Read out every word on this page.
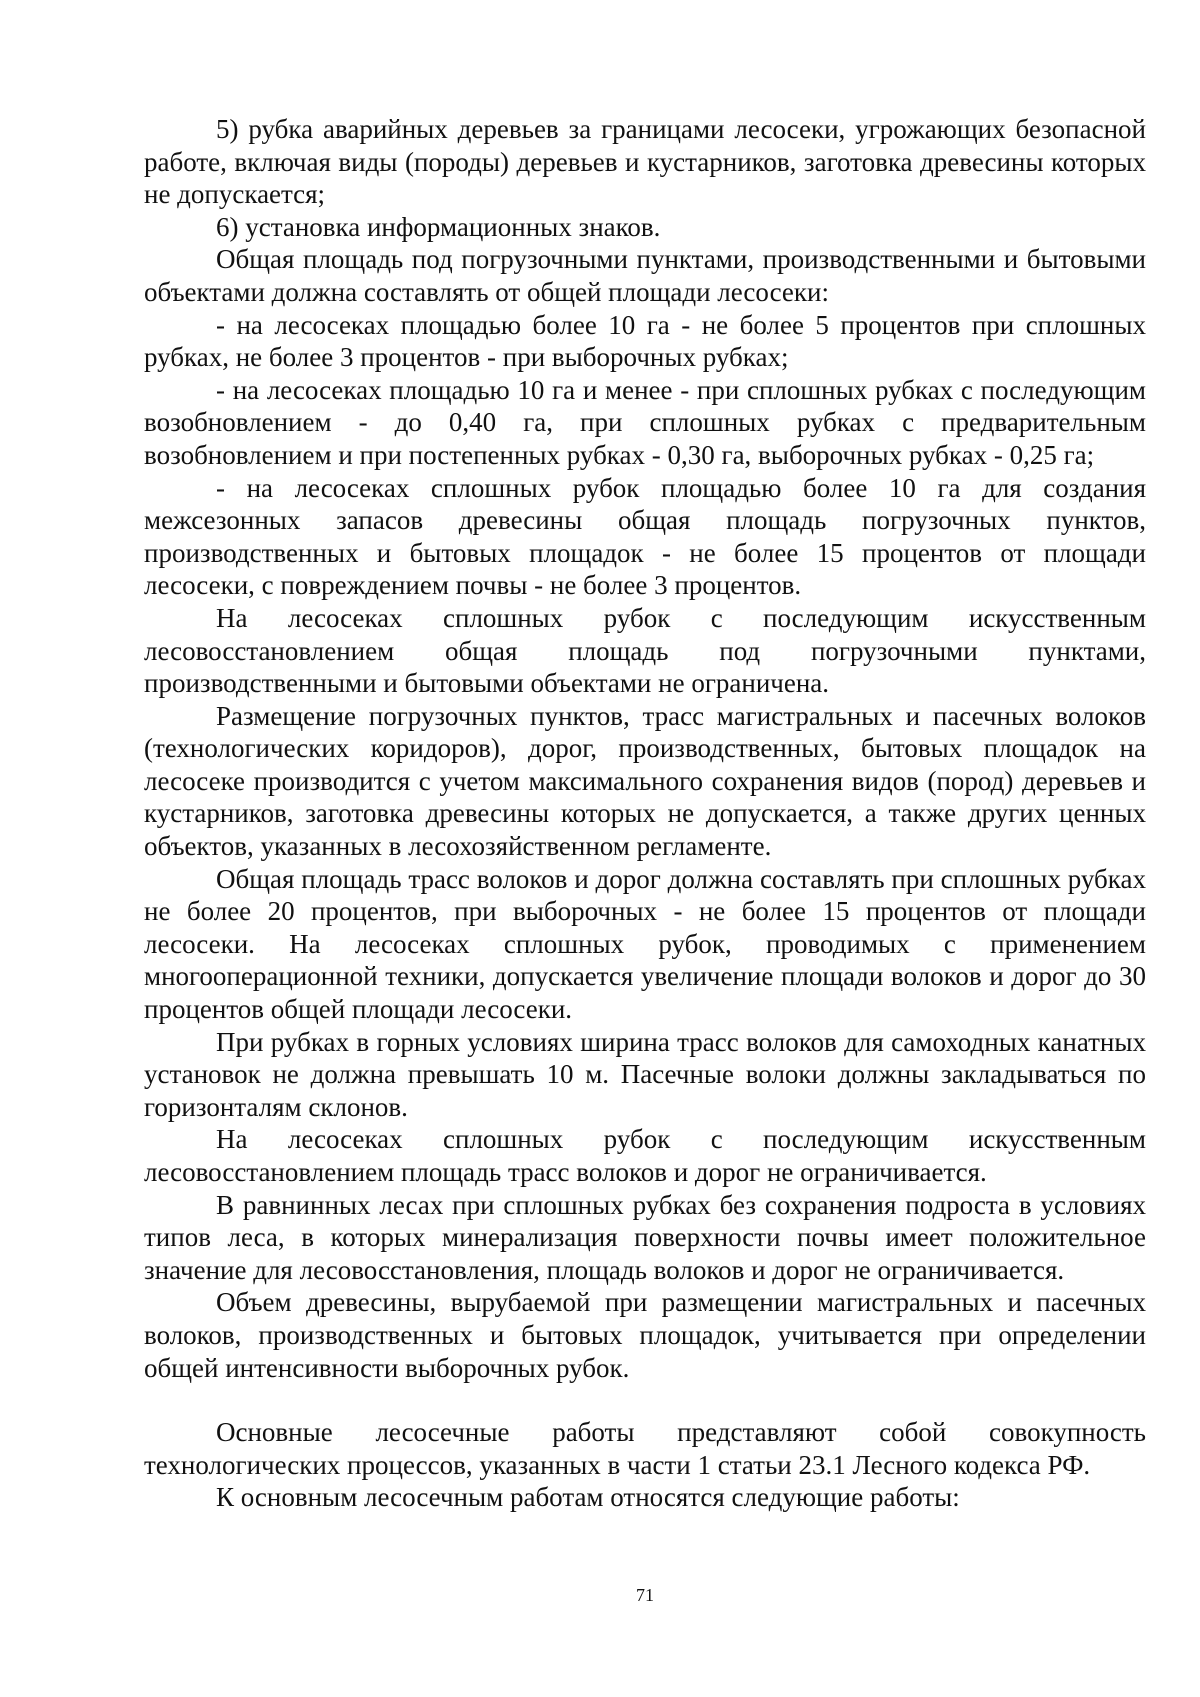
5) рубка аварийных деревьев за границами лесосеки, угрожающих безопасной работе, включая виды (породы) деревьев и кустарников, заготовка древесины которых не допускается;

6) установка информационных знаков.

Общая площадь под погрузочными пунктами, производственными и бытовыми объектами должна составлять от общей площади лесосеки:

- на лесосеках площадью более 10 га - не более 5 процентов при сплошных рубках, не более 3 процентов - при выборочных рубках;

- на лесосеках площадью 10 га и менее - при сплошных рубках с последующим возобновлением - до 0,40 га, при сплошных рубках с предварительным возобновлением и при постепенных рубках - 0,30 га, выборочных рубках - 0,25 га;

- на лесосеках сплошных рубок площадью более 10 га для создания межсезонных запасов древесины общая площадь погрузочных пунктов, производственных и бытовых площадок - не более 15 процентов от площади лесосеки, с повреждением почвы - не более 3 процентов.

На лесосеках сплошных рубок с последующим искусственным лесовосстановлением общая площадь под погрузочными пунктами, производственными и бытовыми объектами не ограничена.

Размещение погрузочных пунктов, трасс магистральных и пасечных волоков (технологических коридоров), дорог, производственных, бытовых площадок на лесосеке производится с учетом максимального сохранения видов (пород) деревьев и кустарников, заготовка древесины которых не допускается, а также других ценных объектов, указанных в лесохозяйственном регламенте.

Общая площадь трасс волоков и дорог должна составлять при сплошных рубках не более 20 процентов, при выборочных - не более 15 процентов от площади лесосеки. На лесосеках сплошных рубок, проводимых с применением многооперационной техники, допускается увеличение площади волоков и дорог до 30 процентов общей площади лесосеки.

При рубках в горных условиях ширина трасс волоков для самоходных канатных установок не должна превышать 10 м. Пасечные волоки должны закладываться по горизонталям склонов.

На лесосеках сплошных рубок с последующим искусственным лесовосстановлением площадь трасс волоков и дорог не ограничивается.

В равнинных лесах при сплошных рубках без сохранения подроста в условиях типов леса, в которых минерализация поверхности почвы имеет положительное значение для лесовосстановления, площадь волоков и дорог не ограничивается.

Объем древесины, вырубаемой при размещении магистральных и пасечных волоков, производственных и бытовых площадок, учитывается при определении общей интенсивности выборочных рубок.

Основные лесосечные работы представляют собой совокупность технологических процессов, указанных в части 1 статьи 23.1 Лесного кодекса РФ.

К основным лесосечным работам относятся следующие работы:

71
